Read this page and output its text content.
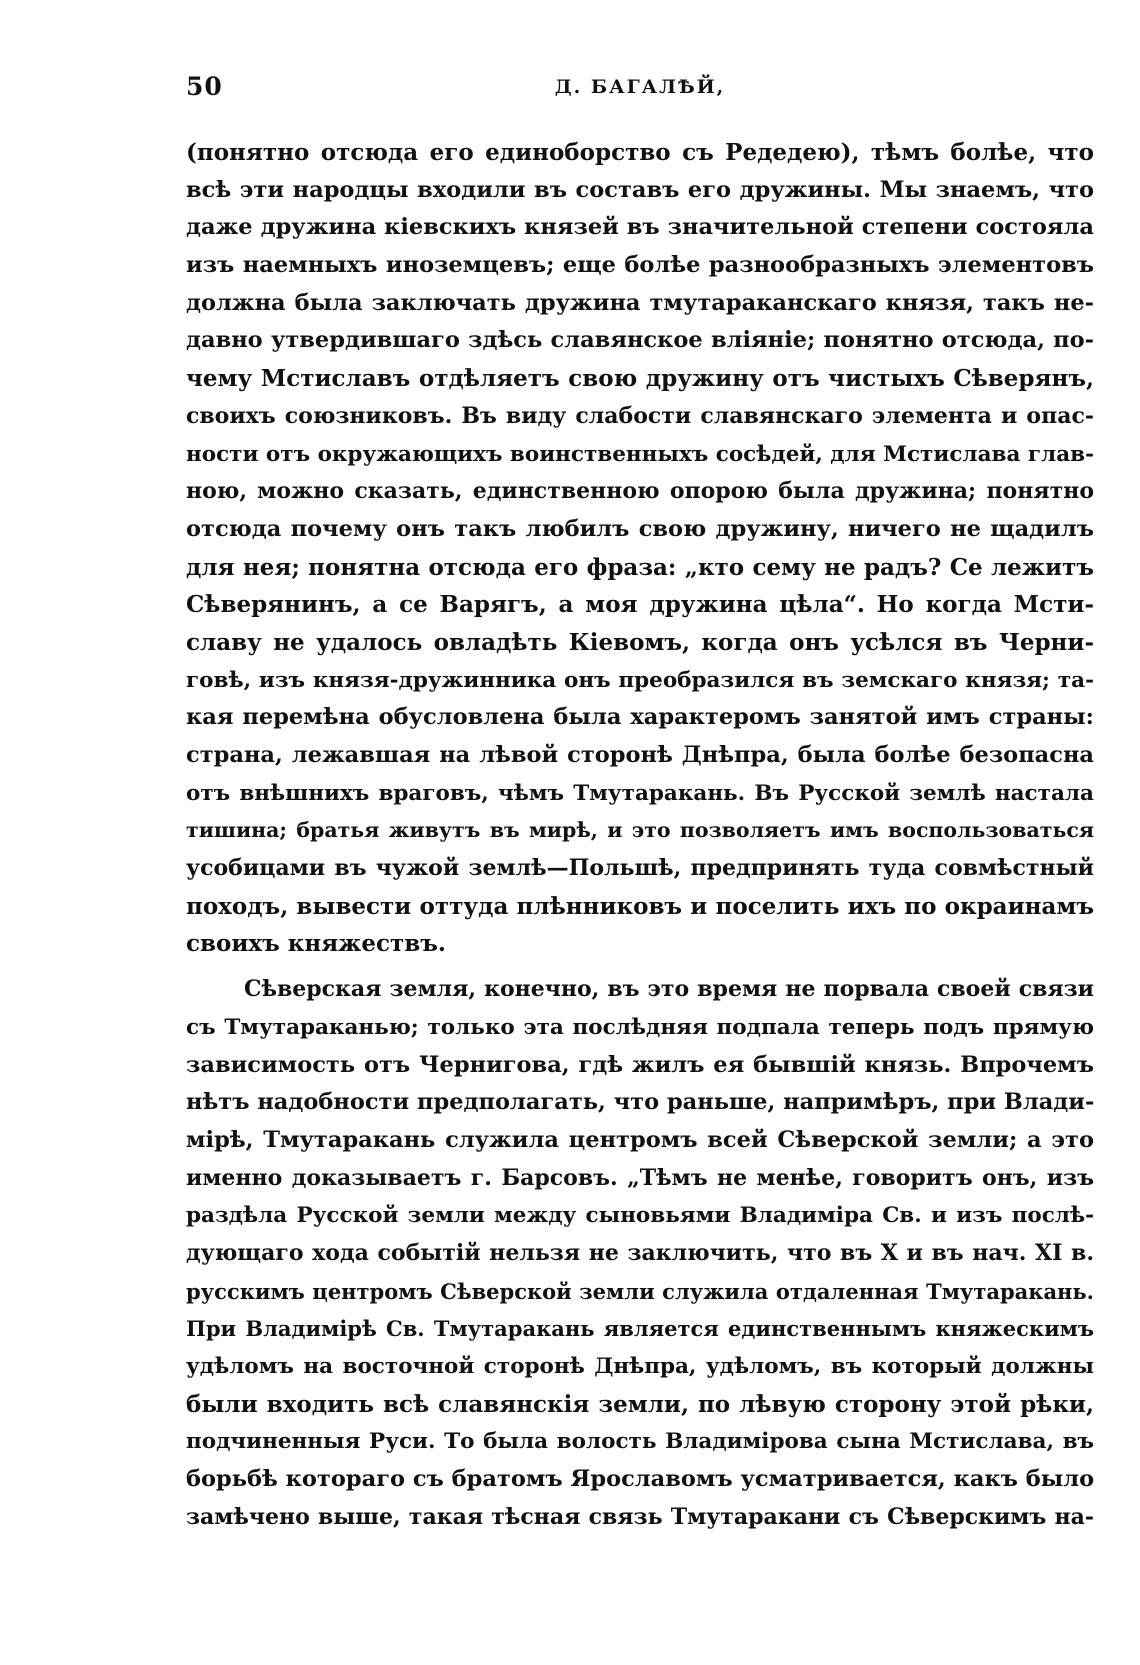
50	Д. БАГАЛѢЙ,
(понятно отсюда его единоборство съ Редедею), тѣмъ болѣе, что
всѣ эти народцы входили въ составъ его дружины. Мы знаемъ, что
даже дружина кіевскихъ князей въ значительной степени состояла
изъ наемныхъ иноземцевъ; еще болѣе разнообразныхъ элементовъ
должна была заключать дружина тмутараканскаго князя, такъ не-
давно утвердившаго здѣсь славянское вліяніе; понятно отсюда, по-
чему Мстиславъ отдѣляетъ свою дружину отъ чистыхъ Сѣверянъ,
своихъ союзниковъ. Въ виду слабости славянскаго элемента и опас-
ности отъ окружающихъ воинственныхъ сосѣдей, для Мстислава глав-
ною, можно сказать, единственною опорою была дружина; понятно
отсюда почему онъ такъ любилъ свою дружину, ничего не щадилъ
для нея; понятна отсюда его фраза: „кто сему не радъ? Се лежитъ
Сѣверянинъ, а се Варягъ, а моя дружина цѣла“. Но когда Мсти-
славу не удалось овладѣть Кіевомъ, когда онъ усѣлся въ Черни-
говѣ, изъ князя-дружинника онъ преобразился въ земскаго князя; та-
кая перемѣна обусловлена была характеромъ занятой имъ страны:
страна, лежавшая на лѣвой сторонѣ Днѣпра, была болѣе безопасна
отъ внѣшнихъ враговъ, чѣмъ Тмутаракань. Въ Русской землѣ настала
тишина; братья живутъ въ мирѣ, и это позволяетъ имъ воспользоваться
усобицами въ чужой землѣ—Польшѣ, предпринять туда совмѣстный
походъ, вывести оттуда плѣнниковъ и поселить ихъ по окраинамъ
своихъ княжествъ.
Сѣверская земля, конечно, въ это время не порвала своей связи
съ Тмутараканью; только эта послѣдняя подпала теперь подъ прямую
зависимость отъ Чернигова, гдѣ жилъ ея бывшій князь. Впрочемъ
нѣтъ надобности предполагать, что раньше, напримѣръ, при Влади-
мірѣ, Тмутаракань служила центромъ всей Сѣверской земли; а это
именно доказываетъ г. Барсовъ. „Тѣмъ не менѣе, говоритъ онъ, изъ
раздѣла Русской земли между сыновьями Владиміра Св. и изъ послѣ-
дующаго хода событій нельзя не заключить, что въ X и въ нач. XI в.
русскимъ центромъ Сѣверской земли служила отдаленная Тмутаракань.
При Владимірѣ Св. Тмутаракань является единственнымъ княжескимъ
удѣломъ на восточной сторонѣ Днѣпра, удѣломъ, въ который должны
были входить всѣ славянскія земли, по лѣвую сторону этой рѣки,
подчиненныя Руси. То была волость Владимірова сына Мстислава, въ
борьбѣ котораго съ братомъ Ярославомъ усматривается, какъ было
замѣчено выше, такая тѣсная связь Тмутаракани съ Сѣверскимъ на-
